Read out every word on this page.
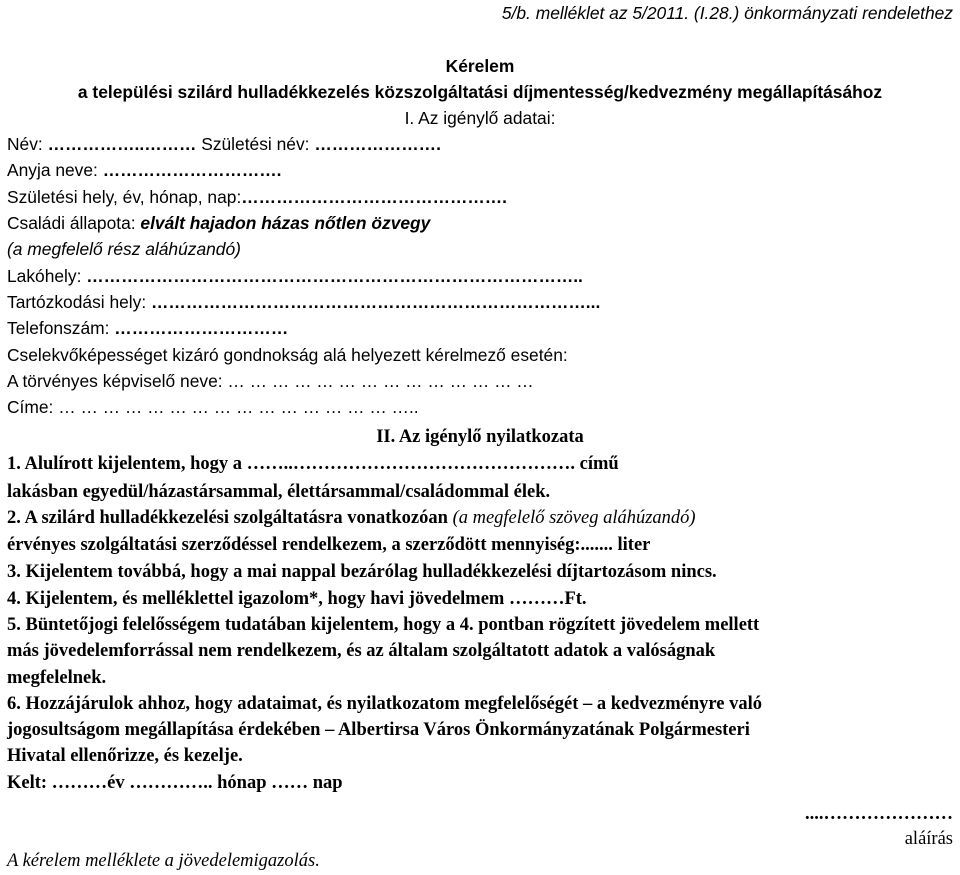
5/b. melléklet az 5/2011. (I.28.) önkormányzati rendelethez
Kérelem
a települési szilárd hulladékkezelés közszolgáltatási díjmentesség/kedvezmény megállapításához
I. Az igénylő adatai:
Név: ……………..……… Születési név: ………………….
Anyja neve: ………………………….
Születési hely, év, hónap, nap:……………………………………….
Családi állapota: elvált hajadon házas nőtlen özvegy
(a megfelelő rész aláhúzandó)
Lakóhely: …………………………………………………………………………..
Tartózkodási hely: …………………………………………………………………...
Telefonszám: …………………………
Cselekvőképességet kizáró gondnokság alá helyezett kérelmező esetén:
A törvényes képviselő neve: … … … … … … … … … … … … … …
Címe: … … … … … … … … … … … … … … … …..
II. Az igénylő nyilatkozata
1. Alulírott kijelentem, hogy a ……..………………………………………. című
lakásban egyedül/házastársammal, élettársammal/családommal élek.
2. A szilárd hulladékkezelési szolgáltatásra vonatkozóan (a megfelelő szöveg aláhúzandó)
érvényes szolgáltatási szerződéssel rendelkezem, a szerződött mennyiség:....... liter
3. Kijelentem továbbá, hogy a mai nappal bezárólag hulladékkezelési díjtartozásom nincs.
4. Kijelentem, és melléklettel igazolom*, hogy havi jövedelmem ………Ft.
5. Büntetőjogi felelősségem tudatában kijelentem, hogy a 4. pontban rögzített jövedelem mellett
más jövedelemforrással nem rendelkezem, és az általam szolgáltatott adatok a valóságnak
megfelelnek.
6. Hozzájárulok ahhoz, hogy adataimat, és nyilatkozatom megfelelőségét – a kedvezményre való
jogosultságom megállapítása érdekében – Albertirsa Város Önkormányzatának Polgármesteri
Hivatal ellenőrizze, és kezelje.
Kelt: ………év ………….. hónap …… nap
....…………………
aláírás
A kérelem melléklete a jövedelemigazolás.
